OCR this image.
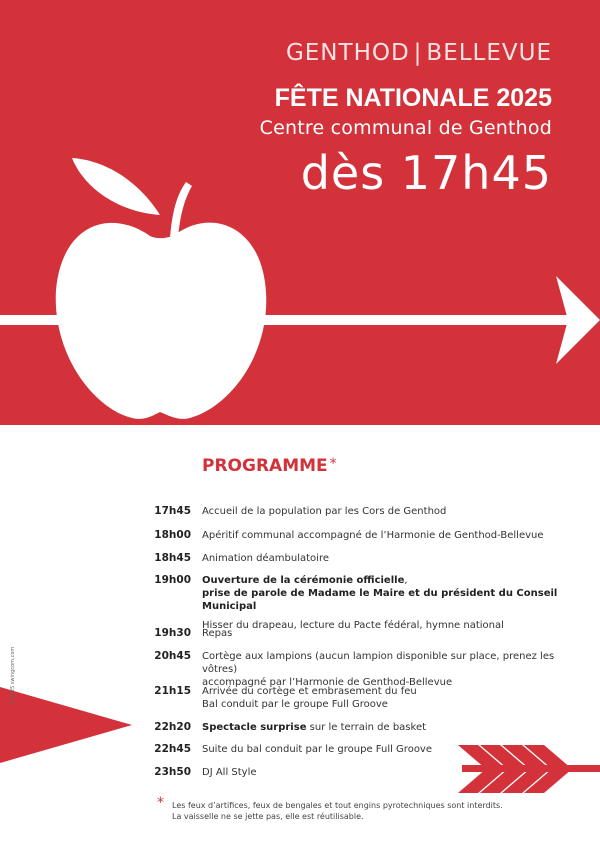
GENTHOD | BELLEVUE
FÊTE NATIONALE 2025
Centre communal de Genthod
dès 17h45
PROGRAMME *
17h45 Accueil de la population par les Cors de Genthod
18h00 Apéritif communal accompagné de l’Harmonie de Genthod-Bellevue
18h45 Animation déambulatoire
19h00 Ouverture de la cérémonie officielle,
prise de parole de Madame le Maire et du président du Conseil Municipal
Hisser du drapeau, lecture du Pacte fédéral, hymne national
19h30 Repas
20h45 Cortège aux lampions (aucun lampion disponible sur place, prenez les vôtres)
accompagné par l’Harmonie de Genthod-Bellevue
21h15 Arrivée du cortège et embrasement du feu
Bal conduit par le groupe Full Groove
22h20 Spectacle surprise sur le terrain de basket
22h45 Suite du bal conduit par le groupe Full Groove
23h50 DJ All Style
© 2025 swingcom.com
* Les feux d’artifices, feux de bengales et tout engins pyrotechniques sont interdits.
La vaisselle ne se jette pas, elle est réutilisable.
